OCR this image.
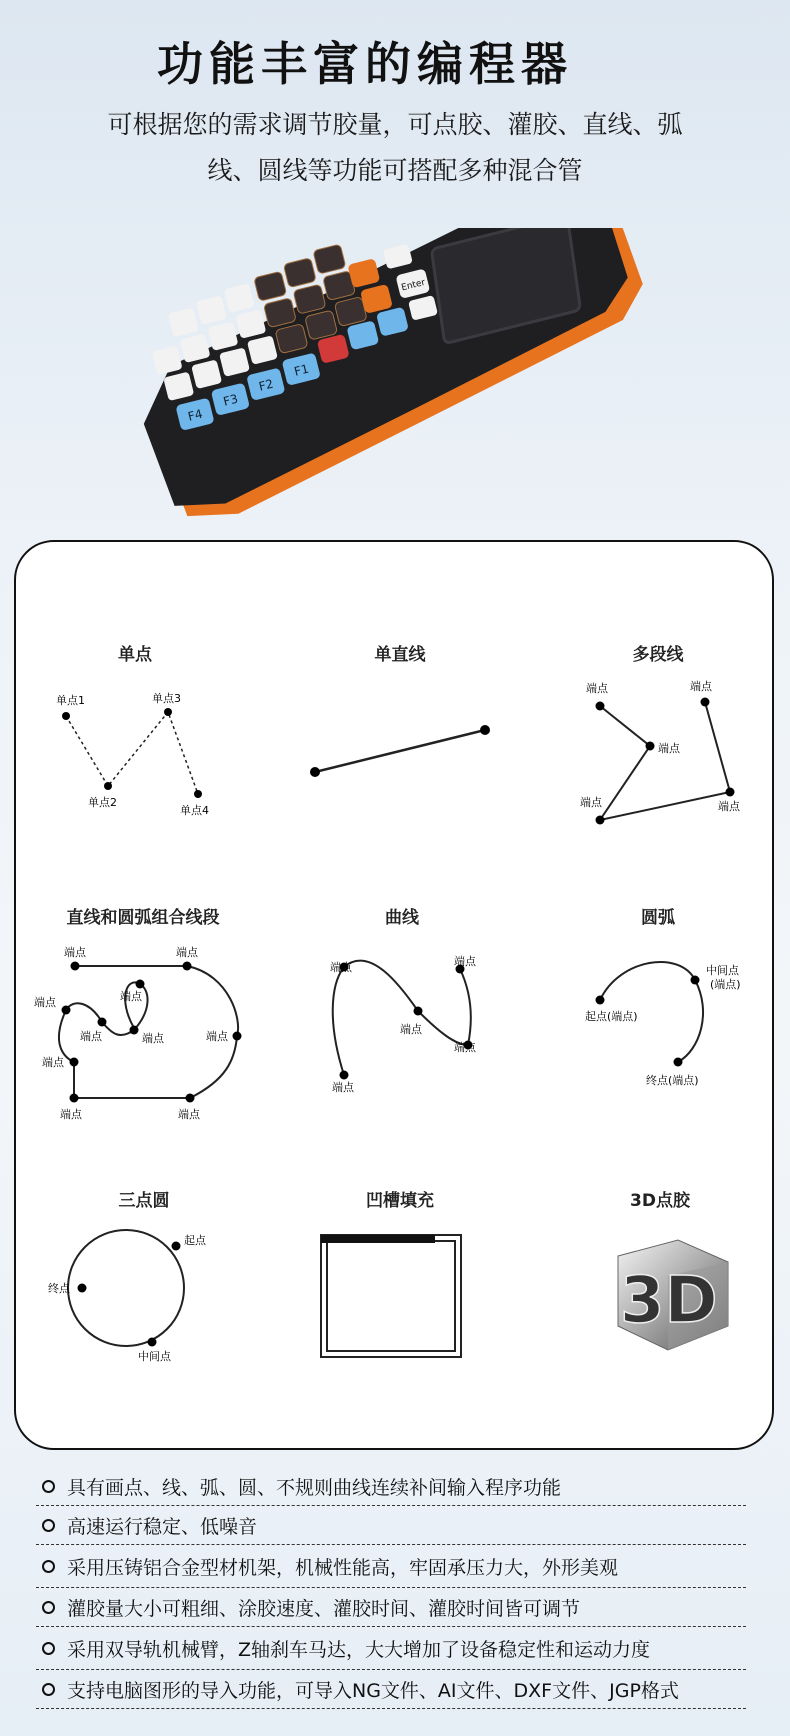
功能丰富的编程器
可根据您的需求调节胶量，可点胶、灌胶、直线、弧
线、圆线等功能可搭配多种混合管
F4
F3
F2
F1
Enter
单点	单直线	多段线
单点1
单点2
单点3
单点4
端点
端点
端点	端点
端点
直线和圆弧组合线段	曲线	圆弧
端点	端点
端点
端点
端点
端点
端点
端点	端点
端点
端点
端点
端点
端点
端点
起点(端点)
中间点
(端点)
终点(端点)
三点圆	凹槽填充	3D点胶
起点
终点
中间点
3D
具有画点、线、弧、圆、不规则曲线连续补间输入程序功能
高速运行稳定、低噪音
采用压铸铝合金型材机架，机械性能高，牢固承压力大，外形美观
灌胶量大小可粗细、涂胶速度、灌胶时间、灌胶时间皆可调节
采用双导轨机械臂，Z轴刹车马达，大大增加了设备稳定性和运动力度
支持电脑图形的导入功能，可导入NG文件、AI文件、DXF文件、JGP格式
